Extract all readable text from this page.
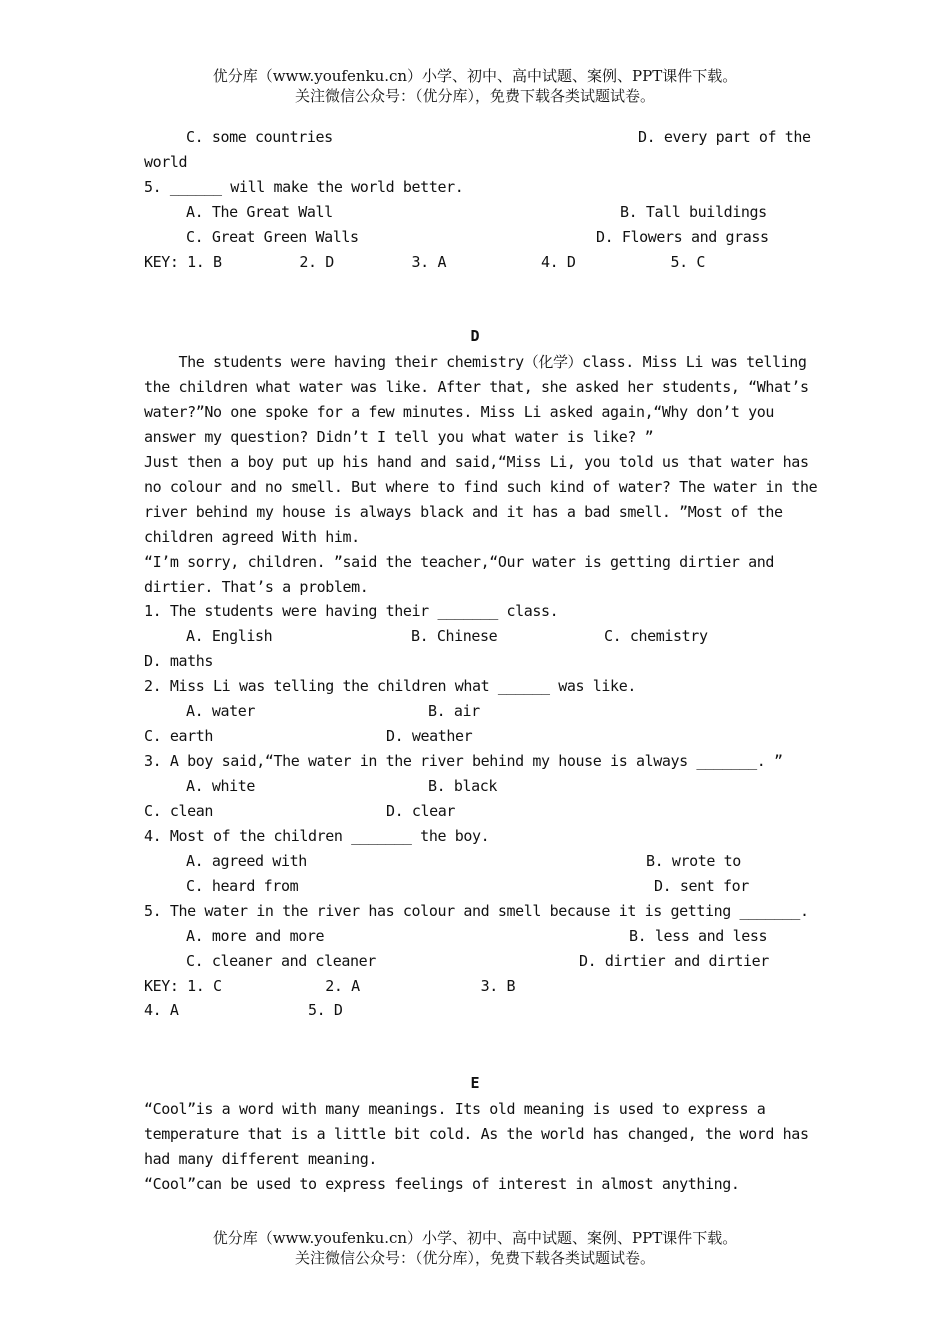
优分库（www.youfenku.cn）小学、初中、高中试题、案例、PPT课件下载。
关注微信公众号：（优分库），免费下载各类试题试卷。
C. some countries	D. every part of the
world
5. ______ will make the world better.
A. The Great Wall	B. Tall buildings
C. Great Green Walls	D. Flowers and grass
KEY: 1. B         2. D         3. A           4. D           5. C
D
The students were having their chemistry（化学）class. Miss Li was telling
the children what water was like. After that, she asked her students, “What’s
water?”No one spoke for a few minutes. Miss Li asked again,“Why don’t you
answer my question? Didn’t I tell you what water is like? ”
Just then a boy put up his hand and said,“Miss Li, you told us that water has
no colour and no smell. But where to find such kind of water? The water in the
river behind my house is always black and it has a bad smell. ”Most of the
children agreed With him.
“I’m sorry, children. ”said the teacher,“Our water is getting dirtier and
dirtier. That’s a problem.
1. The students were having their _______ class.
A. English	B. Chinese	C. chemistry
D. maths
2. Miss Li was telling the children what ______ was like.
A. water	B. air
C. earth	D. weather
3. A boy said,“The water in the river behind my house is always _______. ”
A. white	B. black
C. clean	D. clear
4. Most of the children _______ the boy.
A. agreed with	B. wrote to
C. heard from	D. sent for
5. The water in the river has colour and smell because it is getting _______.
A. more and more	B. less and less
C. cleaner and cleaner	D. dirtier and dirtier
KEY: 1. C            2. A              3. B
4. A               5. D
E
“Cool”is a word with many meanings. Its old meaning is used to express a
temperature that is a little bit cold. As the world has changed, the word has
had many different meaning.
“Cool”can be used to express feelings of interest in almost anything.
优分库（www.youfenku.cn）小学、初中、高中试题、案例、PPT课件下载。
关注微信公众号：（优分库），免费下载各类试题试卷。
